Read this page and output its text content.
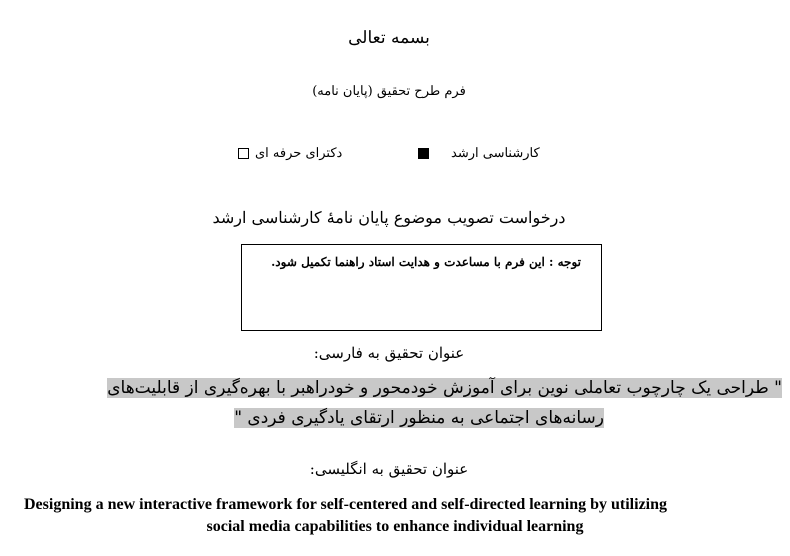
بسمه تعالی
فرم طرح تحقیق (پایان نامه)
کارشناسی ارشد
دکترای حرفه ای
درخواست تصویب موضوع پایان نامهٔ کارشناسی ارشد
توجه : این فرم با مساعدت و هدایت استاد راهنما تکمیل شود.
عنوان تحقیق به فارسی:
" طراحی یک چارچوب تعاملی نوین برای آموزش خودمحور و خودراهبر با بهره‌گیری از قابلیت‌های
رسانه‌های اجتماعی به منظور ارتقای یادگیری فردی "
عنوان تحقیق به انگلیسی:
Designing a new interactive framework for self-centered and self-directed learning by utilizing
social media capabilities to enhance individual learning
